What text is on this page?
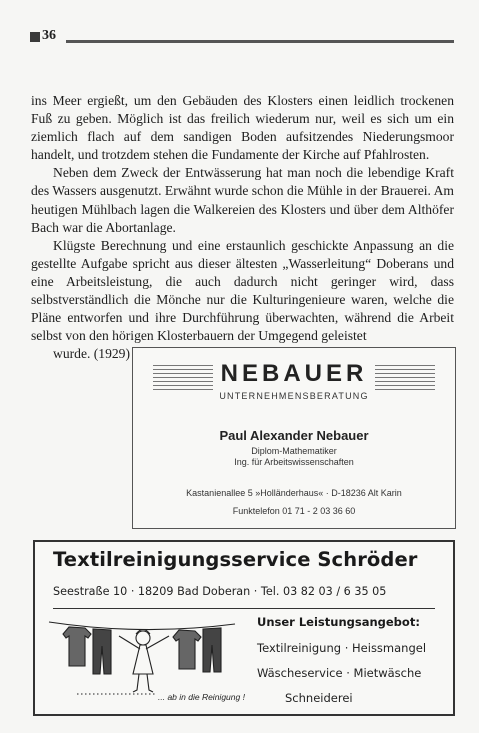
36

ins Meer ergießt, um den Gebäuden des Klosters einen leidlich trockenen Fuß zu geben. Möglich ist das freilich wiederum nur, weil es sich um ein ziemlich flach auf dem sandigen Boden aufsitzendes Niederungsmoor handelt, und trotzdem stehen die Fundamente der Kirche auf Pfahlrosten.

Neben dem Zweck der Entwässerung hat man noch die lebendige Kraft des Wassers ausgenutzt. Erwähnt wurde schon die Mühle in der Brauerei. Am heutigen Mühlbach lagen die Walkereien des Klosters und über dem Althöfer Bach war die Abortanlage.

Klügste Berechnung und eine erstaunlich geschickte Anpassung an die gestellte Aufgabe spricht aus dieser ältesten „Wasserleitung“ Doberans und eine Arbeitsleistung, die auch dadurch nicht geringer wird, dass selbstverständlich die Mönche nur die Kulturingenieure waren, welche die Pläne entworfen und ihre Durchführung überwachten, während die Arbeit selbst von den hörigen Klosterbauern der Umgegend geleistet
wurde. (1929)

NEBAUER
UNTERNEHMENSBERATUNG
Paul Alexander Nebauer
Diplom-Mathematiker
Ing. für Arbeitswissenschaften
Kastanienallee 5 »Holländerhaus« · D-18236 Alt Karin
Funktelefon 01 71 - 2 03 36 60
Textilreinigungsservice Schröder
Seestraße 10 · 18209 Bad Doberan · Tel. 03 82 03 / 6 35 05
... ab in die Reinigung !
Unser Leistungsangebot:
Textilreinigung · Heissmangel
Wäscheservice · Mietwäsche
Schneiderei
